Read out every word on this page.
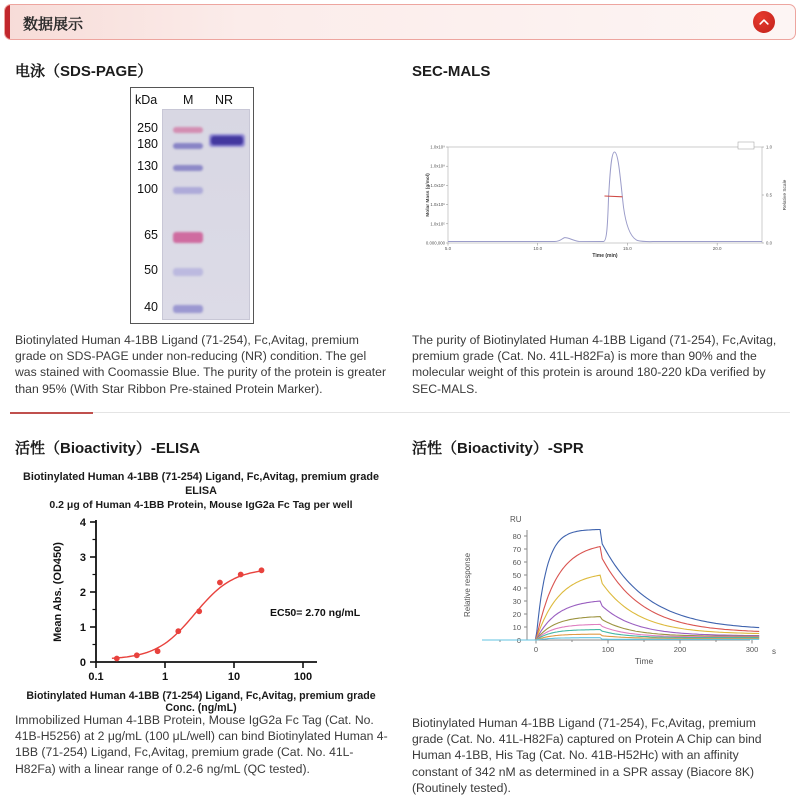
数据展示
电泳（SDS-PAGE）
kDa M NR
250
180
130
100
65
50
40

Biotinylated Human 4-1BB Ligand (71-254), Fc,Avitag, premium grade on SDS-PAGE under non-reducing (NR) condition. The gel was stained with Coomassie Blue. The purity of the protein is greater than 95% (With Star Ribbon Pre-stained Protein Marker).

SEC-MALS
1.0x10⁹
1.0x10⁸
1.0x10⁷
1.0x10⁶
1.0x10⁵
0.000,000
5.0	10.0	15.0	20.0
1.0
0.5
0.0
Molar Mass (g/mol)	Relative Scale
Time (min)

The purity of Biotinylated Human 4-1BB Ligand (71-254), Fc,Avitag, premium grade (Cat. No. 41L-H82Fa) is more than 90% and the molecular weight of this protein is around 180-220 kDa verified by SEC-MALS.

活性（Bioactivity）-ELISA
Biotinylated Human 4-1BB (71-254) Ligand, Fc,Avitag, premium grade ELISA
0.2 μg of Human 4-1BB Protein, Mouse IgG2a Fc Tag per well
0
1
2
3
4
0.1	1	10	100
Mean Abs. (OD450)	EC50= 2.70 ng/mL
Biotinylated Human 4-1BB (71-254) Ligand, Fc,Avitag, premium grade Conc. (ng/mL)

Immobilized Human 4-1BB Protein, Mouse IgG2a Fc Tag (Cat. No. 41B-H5256) at 2 μg/mL (100 μL/well) can bind Biotinylated Human 4-1BB (71-254) Ligand, Fc,Avitag, premium grade (Cat. No. 41L-H82Fa) with a linear range of 0.2-6 ng/mL (QC tested).

活性（Bioactivity）-SPR
0
10
20
30
40
50
60
70
80
0	100	200	300
RU
Relative response
Time
s

Biotinylated Human 4-1BB Ligand (71-254), Fc,Avitag, premium grade (Cat. No. 41L-H82Fa) captured on Protein A Chip can bind Human 4-1BB, His Tag (Cat. No. 41B-H52Hc) with an affinity constant of 342 nM as determined in a SPR assay (Biacore 8K) (Routinely tested).
